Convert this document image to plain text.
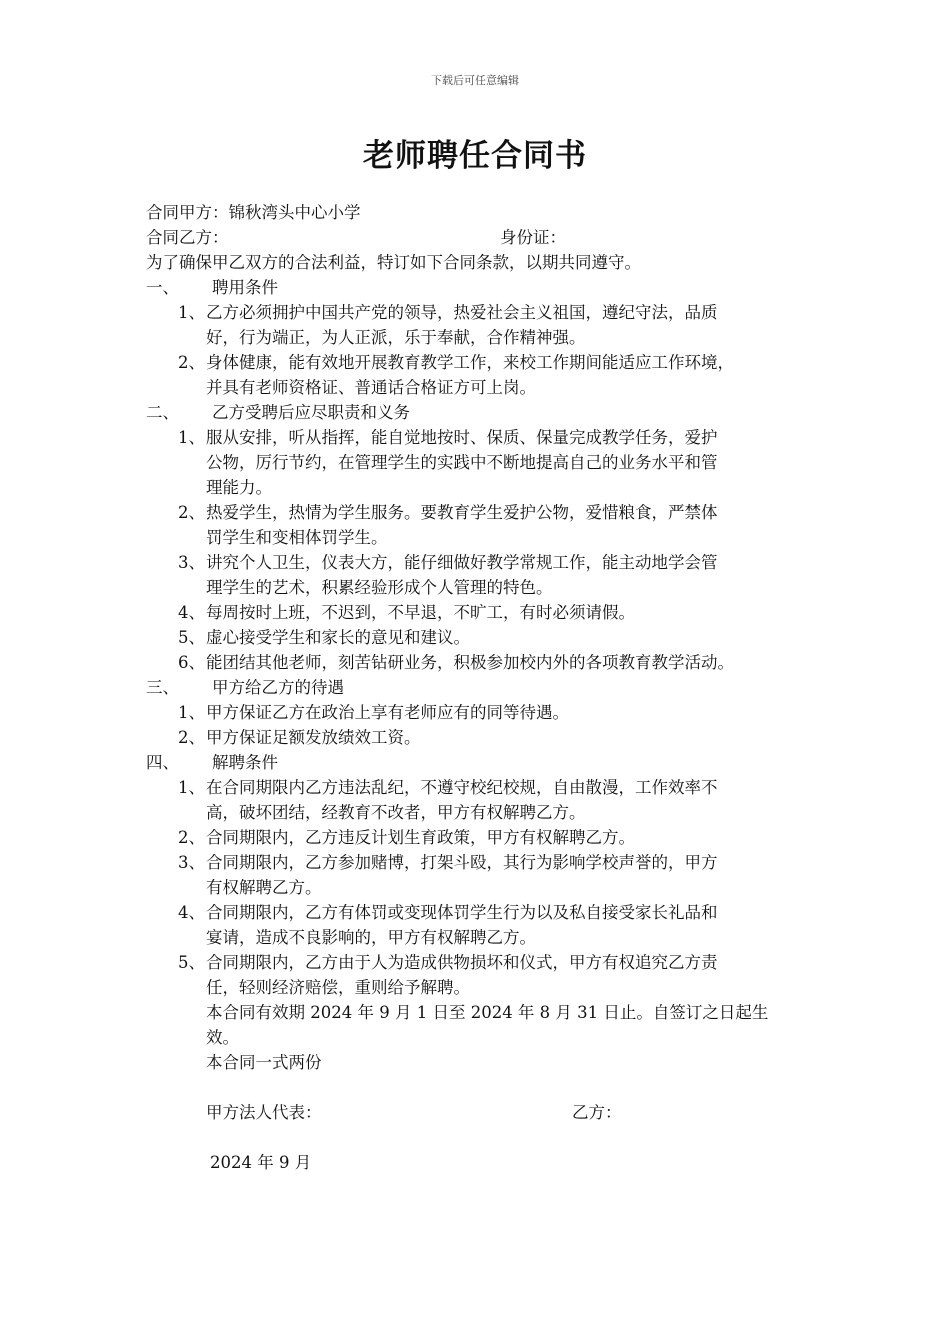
下载后可任意编辑
老师聘任合同书
合同甲方：锦秋湾头中心小学
合同乙方：	身份证：
为了确保甲乙双方的合法利益，特订如下合同条款，以期共同遵守。
一、 聘用条件
1、 乙方必须拥护中国共产党的领导，热爱社会主义祖国，遵纪守法，品质
好，行为端正，为人正派，乐于奉献，合作精神强。
2、 身体健康，能有效地开展教育教学工作，来校工作期间能适应工作环境，
并具有老师资格证、普通话合格证方可上岗。
二、 乙方受聘后应尽职责和义务
1、 服从安排，听从指挥，能自觉地按时、保质、保量完成教学任务，爱护
公物，厉行节约，在管理学生的实践中不断地提高自己的业务水平和管
理能力。
2、 热爱学生，热情为学生服务。要教育学生爱护公物，爱惜粮食，严禁体
罚学生和变相体罚学生。
3、 讲究个人卫生，仪表大方，能仔细做好教学常规工作，能主动地学会管
理学生的艺术，积累经验形成个人管理的特色。
4、 每周按时上班，不迟到，不早退，不旷工，有时必须请假。
5、 虚心接受学生和家长的意见和建议。
6、 能团结其他老师，刻苦钻研业务，积极参加校内外的各项教育教学活动。
三、 甲方给乙方的待遇
1、 甲方保证乙方在政治上享有老师应有的同等待遇。
2、 甲方保证足额发放绩效工资。
四、 解聘条件
1、 在合同期限内乙方违法乱纪，不遵守校纪校规，自由散漫，工作效率不
高，破坏团结，经教育不改者，甲方有权解聘乙方。
2、 合同期限内，乙方违反计划生育政策，甲方有权解聘乙方。
3、 合同期限内，乙方参加赌博，打架斗殴，其行为影响学校声誉的，甲方
有权解聘乙方。
4、 合同期限内，乙方有体罚或变现体罚学生行为以及私自接受家长礼品和
宴请，造成不良影响的，甲方有权解聘乙方。
5、 合同期限内，乙方由于人为造成供物损坏和仪式，甲方有权追究乙方责
任，轻则经济赔偿，重则给予解聘。
本合同有效期 2024 年 9 月 1 日至 2024 年 8 月 31 日止。自签订之日起生
效。
本合同一式两份
甲方法人代表：	乙方：
2024 年 9 月
